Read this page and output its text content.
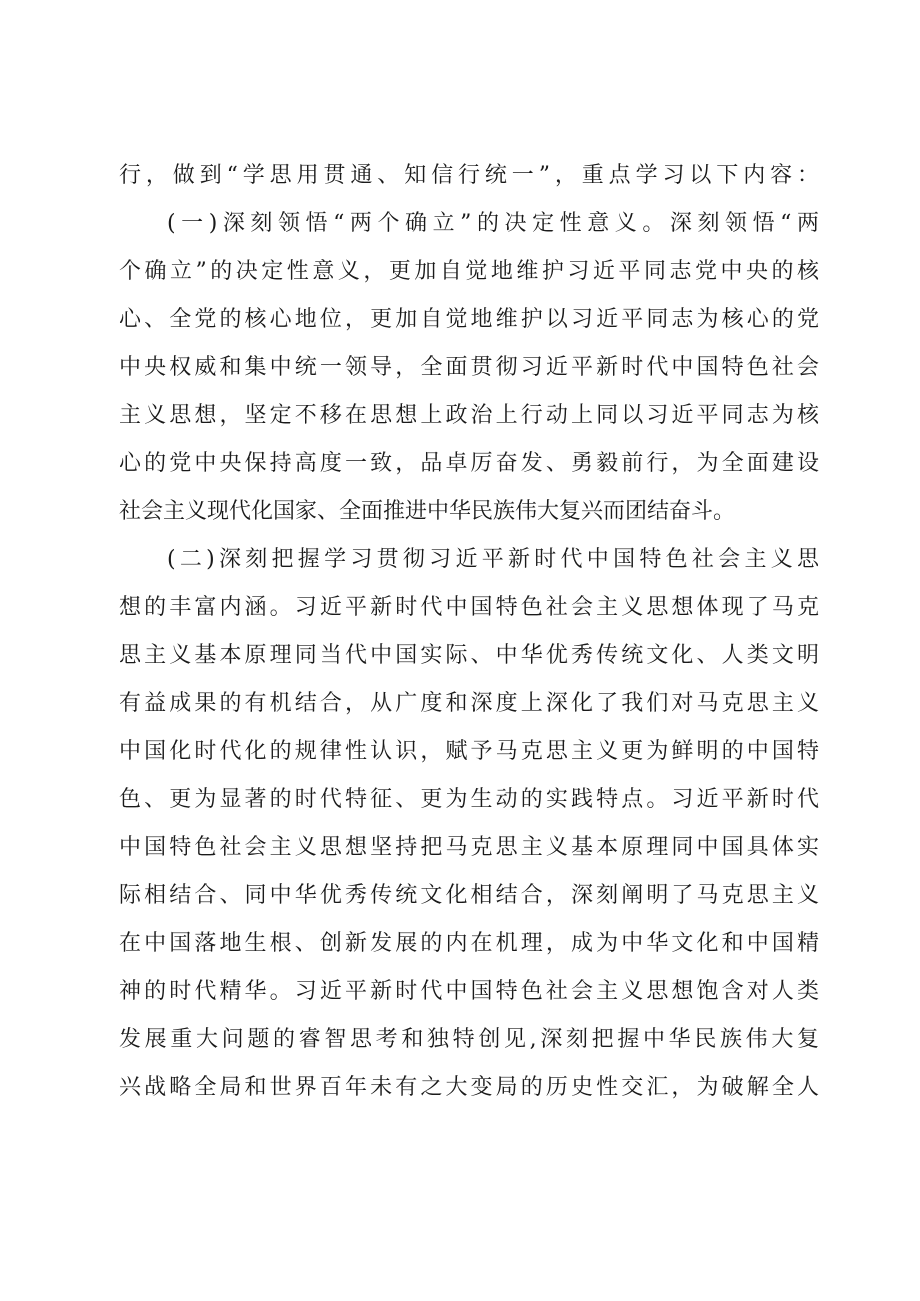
行，做到“学思用贯通、知信行统一”，重点学习以下内容：
(一)深刻领悟“两个确立”的决定性意义。深刻领悟“两
个确立”的决定性意义，更加自觉地维护习近平同志党中央的核
心、全党的核心地位，更加自觉地维护以习近平同志为核心的党
中央权威和集中统一领导，全面贯彻习近平新时代中国特色社会
主义思想，坚定不移在思想上政治上行动上同以习近平同志为核
心的党中央保持高度一致，品卓厉奋发、勇毅前行，为全面建设
社会主义现代化国家、全面推进中华民族伟大复兴而团结奋斗。
(二)深刻把握学习贯彻习近平新时代中国特色社会主义思
想的丰富内涵。习近平新时代中国特色社会主义思想体现了马克
思主义基本原理同当代中国实际、中华优秀传统文化、人类文明
有益成果的有机结合，从广度和深度上深化了我们对马克思主义
中国化时代化的规律性认识，赋予马克思主义更为鲜明的中国特
色、更为显著的时代特征、更为生动的实践特点。习近平新时代
中国特色社会主义思想坚持把马克思主义基本原理同中国具体实
际相结合、同中华优秀传统文化相结合，深刻阐明了马克思主义
在中国落地生根、创新发展的内在机理，成为中华文化和中国精
神的时代精华。习近平新时代中国特色社会主义思想饱含对人类
发展重大问题的睿智思考和独特创见,深刻把握中华民族伟大复
兴战略全局和世界百年未有之大变局的历史性交汇，为破解全人
